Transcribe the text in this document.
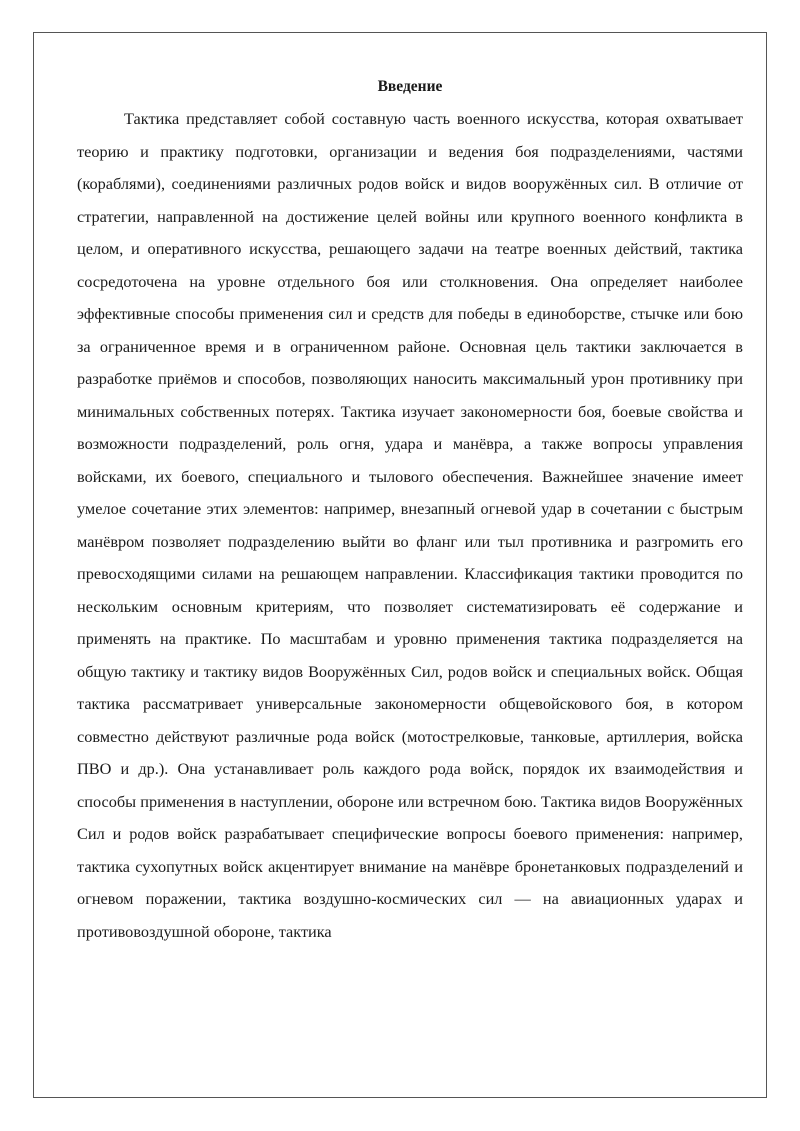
Введение

Тактика представляет собой составную часть военного искусства, которая охватывает теорию и практику подготовки, организации и ведения боя подразделениями, частями (кораблями), соединениями различных родов войск и видов вооружённых сил. В отличие от стратегии, направленной на достижение целей войны или крупного военного конфликта в целом, и оперативного искусства, решающего задачи на театре военных действий, тактика сосредоточена на уровне отдельного боя или столкновения. Она определяет наиболее эффективные способы применения сил и средств для победы в единоборстве, стычке или бою за ограниченное время и в ограниченном районе. Основная цель тактики заключается в разработке приёмов и способов, позволяющих наносить максимальный урон противнику при минимальных собственных потерях. Тактика изучает закономерности боя, боевые свойства и возможности подразделений, роль огня, удара и манёвра, а также вопросы управления войсками, их боевого, специального и тылового обеспечения. Важнейшее значение имеет умелое сочетание этих элементов: например, внезапный огневой удар в сочетании с быстрым манёвром позволяет подразделению выйти во фланг или тыл противника и разгромить его превосходящими силами на решающем направлении. Классификация тактики проводится по нескольким основным критериям, что позволяет систематизировать её содержание и применять на практике. По масштабам и уровню применения тактика подразделяется на общую тактику и тактику видов Вооружённых Сил, родов войск и специальных войск. Общая тактика рассматривает универсальные закономерности общевойскового боя, в котором совместно действуют различные рода войск (мотострелковые, танковые, артиллерия, войска ПВО и др.). Она устанавливает роль каждого рода войск, порядок их взаимодействия и способы применения в наступлении, обороне или встречном бою. Тактика видов Вооружённых Сил и родов войск разрабатывает специфические вопросы боевого применения: например, тактика сухопутных войск акцентирует внимание на манёвре бронетанковых подразделений и огневом поражении, тактика воздушно-космических сил — на авиационных ударах и противовоздушной обороне, тактика
